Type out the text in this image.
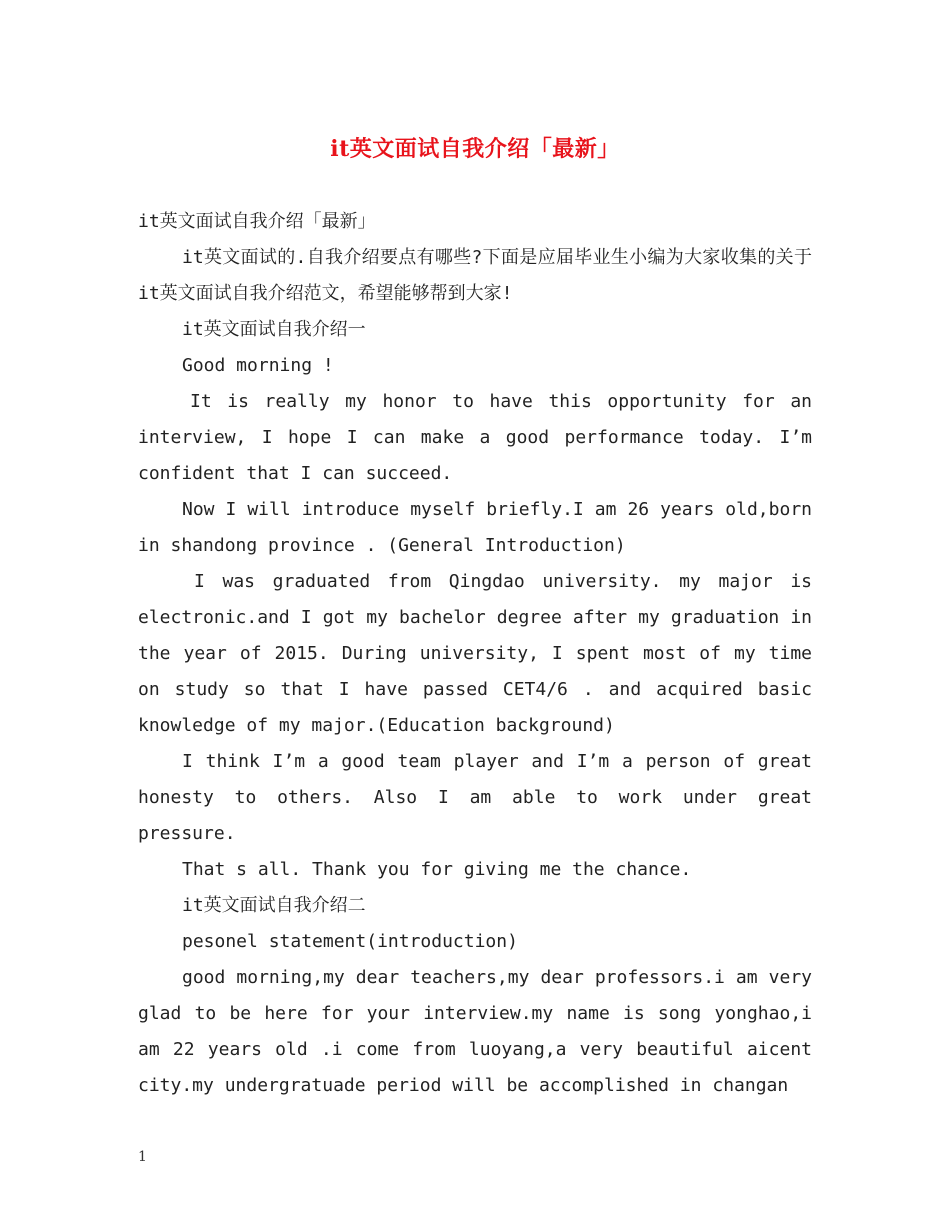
it英文面试自我介绍「最新」

it英文面试自我介绍「最新」

it英文面试的.自我介绍要点有哪些?下面是应届毕业生小编为大家收集的关于it英文面试自我介绍范文，希望能够帮到大家!

it英文面试自我介绍一

Good morning !

It is really my honor to have this opportunity for an interview, I hope I can make a good performance today. I’m confident that I can succeed.

Now I will introduce myself briefly.I am 26 years old,born in shandong province . (General Introduction)

I was graduated from Qingdao university. my major is electronic.and I got my bachelor degree after my graduation in the year of 2015. During university, I spent most of my time on study so that I have passed CET4/6 . and acquired basic knowledge of my major.(Education background)

I think I’m a good team player and I’m a person of great honesty to others. Also I am able to work under great pressure.

That s all. Thank you for giving me the chance.

it英文面试自我介绍二

pesonel statement(introduction)

good morning,my dear teachers,my dear professors.i am very glad to be here for your interview.my name is song yonghao,i am 22 years old .i come from luoyang,a very beautiful aicent city.my undergratuade period will be accomplished in changan

1
